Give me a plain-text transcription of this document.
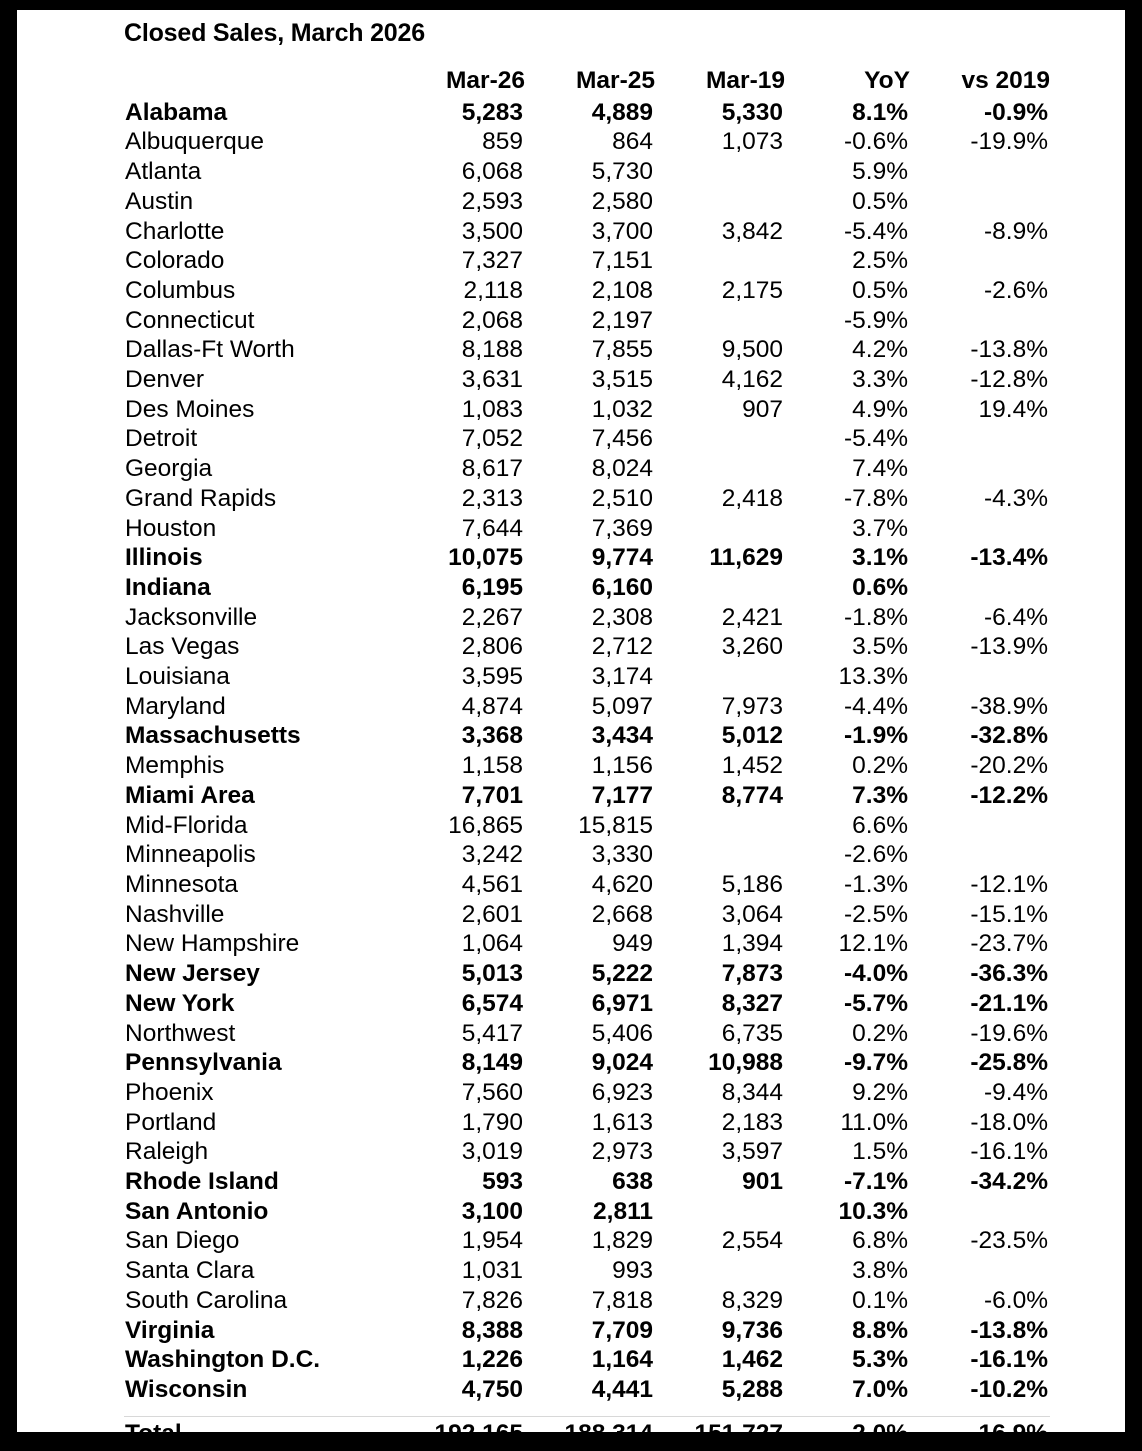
Closed Sales, March 2026
	Mar-26	Mar-25	Mar-19	YoY	vs 2019
Alabama	5,283	4,889	5,330	8.1%	-0.9%
Albuquerque	859	864	1,073	-0.6%	-19.9%
Atlanta	6,068	5,730		5.9%	
Austin	2,593	2,580		0.5%	
Charlotte	3,500	3,700	3,842	-5.4%	-8.9%
Colorado	7,327	7,151		2.5%	
Columbus	2,118	2,108	2,175	0.5%	-2.6%
Connecticut	2,068	2,197		-5.9%	
Dallas-Ft Worth	8,188	7,855	9,500	4.2%	-13.8%
Denver	3,631	3,515	4,162	3.3%	-12.8%
Des Moines	1,083	1,032	907	4.9%	19.4%
Detroit	7,052	7,456		-5.4%	
Georgia	8,617	8,024		7.4%	
Grand Rapids	2,313	2,510	2,418	-7.8%	-4.3%
Houston	7,644	7,369		3.7%	
Illinois	10,075	9,774	11,629	3.1%	-13.4%
Indiana	6,195	6,160		0.6%	
Jacksonville	2,267	2,308	2,421	-1.8%	-6.4%
Las Vegas	2,806	2,712	3,260	3.5%	-13.9%
Louisiana	3,595	3,174		13.3%	
Maryland	4,874	5,097	7,973	-4.4%	-38.9%
Massachusetts	3,368	3,434	5,012	-1.9%	-32.8%
Memphis	1,158	1,156	1,452	0.2%	-20.2%
Miami Area	7,701	7,177	8,774	7.3%	-12.2%
Mid-Florida	16,865	15,815		6.6%	
Minneapolis	3,242	3,330		-2.6%	
Minnesota	4,561	4,620	5,186	-1.3%	-12.1%
Nashville	2,601	2,668	3,064	-2.5%	-15.1%
New Hampshire	1,064	949	1,394	12.1%	-23.7%
New Jersey	5,013	5,222	7,873	-4.0%	-36.3%
New York	6,574	6,971	8,327	-5.7%	-21.1%
Northwest	5,417	5,406	6,735	0.2%	-19.6%
Pennsylvania	8,149	9,024	10,988	-9.7%	-25.8%
Phoenix	7,560	6,923	8,344	9.2%	-9.4%
Portland	1,790	1,613	2,183	11.0%	-18.0%
Raleigh	3,019	2,973	3,597	1.5%	-16.1%
Rhode Island	593	638	901	-7.1%	-34.2%
San Antonio	3,100	2,811		10.3%	
San Diego	1,954	1,829	2,554	6.8%	-23.5%
Santa Clara	1,031	993		3.8%	
South Carolina	7,826	7,818	8,329	0.1%	-6.0%
Virginia	8,388	7,709	9,736	8.8%	-13.8%
Washington D.C.	1,226	1,164	1,462	5.3%	-16.1%
Wisconsin	4,750	4,441	5,288	7.0%	-10.2%

Total	192,165	188,314	151,727	2.0%	-16.9%
